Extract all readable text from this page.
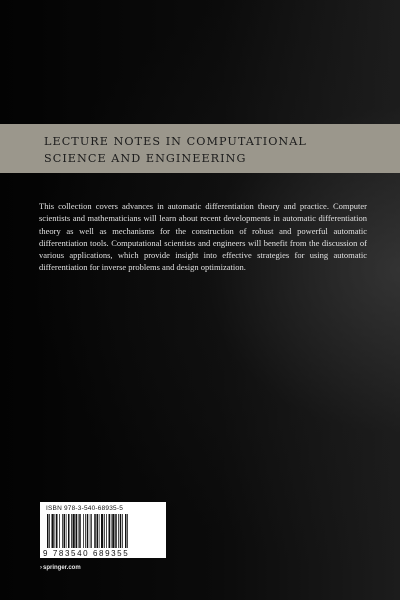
LECTURE NOTES IN COMPUTATIONAL
SCIENCE AND ENGINEERING

This collection covers advances in automatic differentiation theory and practice. Computer scientists and mathematicians will learn about recent developments in automatic differentiation theory as well as mechanisms for the construction of robust and powerful automatic differentiation tools. Computational scientists and engineers will benefit from the discussion of various applications, which provide insight into effective strategies for using automatic differentiation for inverse problems and design optimization.

ISBN 978-3-540-68935-5
9 783540 689355
›springer.com
